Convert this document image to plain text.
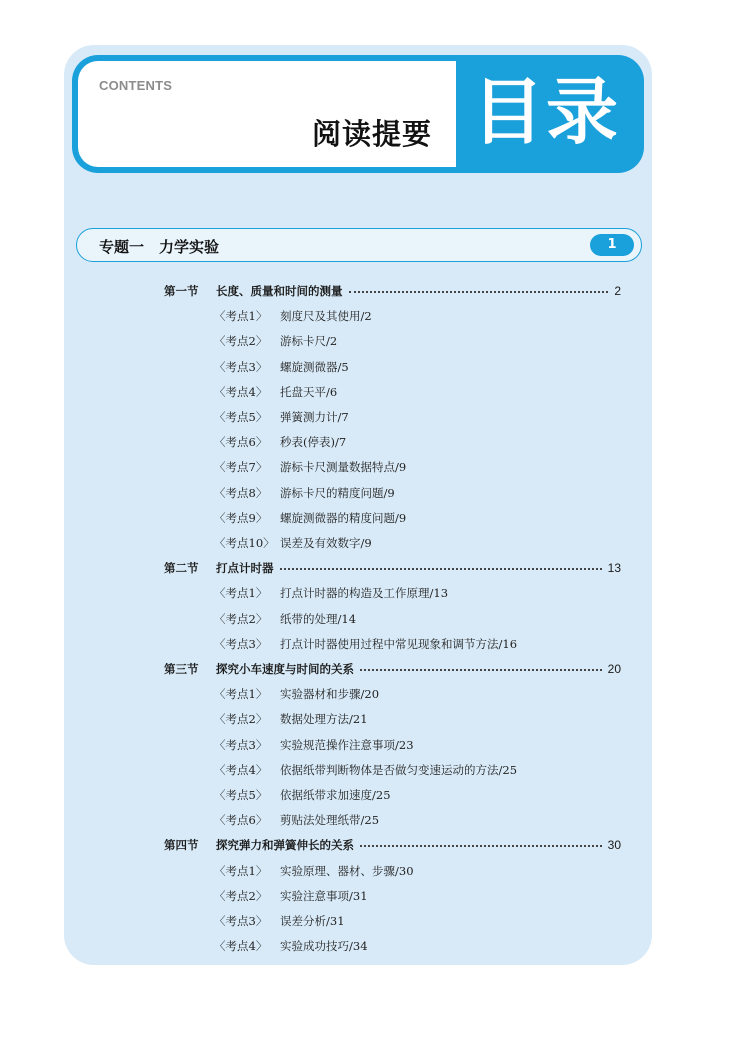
CONTENTS
阅读提要 目录
专题一　力学实验	1
第一节	长度、质量和时间的测量	2
〈考点1〉	刻度尺及其使用/2
〈考点2〉	游标卡尺/2
〈考点3〉	螺旋测微器/5
〈考点4〉	托盘天平/6
〈考点5〉	弹簧测力计/7
〈考点6〉	秒表(停表)/7
〈考点7〉	游标卡尺测量数据特点/9
〈考点8〉	游标卡尺的精度问题/9
〈考点9〉	螺旋测微器的精度问题/9
〈考点10〉 误差及有效数字/9
第二节	打点计时器	13
〈考点1〉	打点计时器的构造及工作原理/13
〈考点2〉	纸带的处理/14
〈考点3〉	打点计时器使用过程中常见现象和调节方法/16
第三节	探究小车速度与时间的关系	20
〈考点1〉	实验器材和步骤/20
〈考点2〉	数据处理方法/21
〈考点3〉	实验规范操作注意事项/23
〈考点4〉	依据纸带判断物体是否做匀变速运动的方法/25
〈考点5〉	依据纸带求加速度/25
〈考点6〉	剪贴法处理纸带/25
第四节	探究弹力和弹簧伸长的关系	30
〈考点1〉	实验原理、器材、步骤/30
〈考点2〉	实验注意事项/31
〈考点3〉	误差分析/31
〈考点4〉	实验成功技巧/34
